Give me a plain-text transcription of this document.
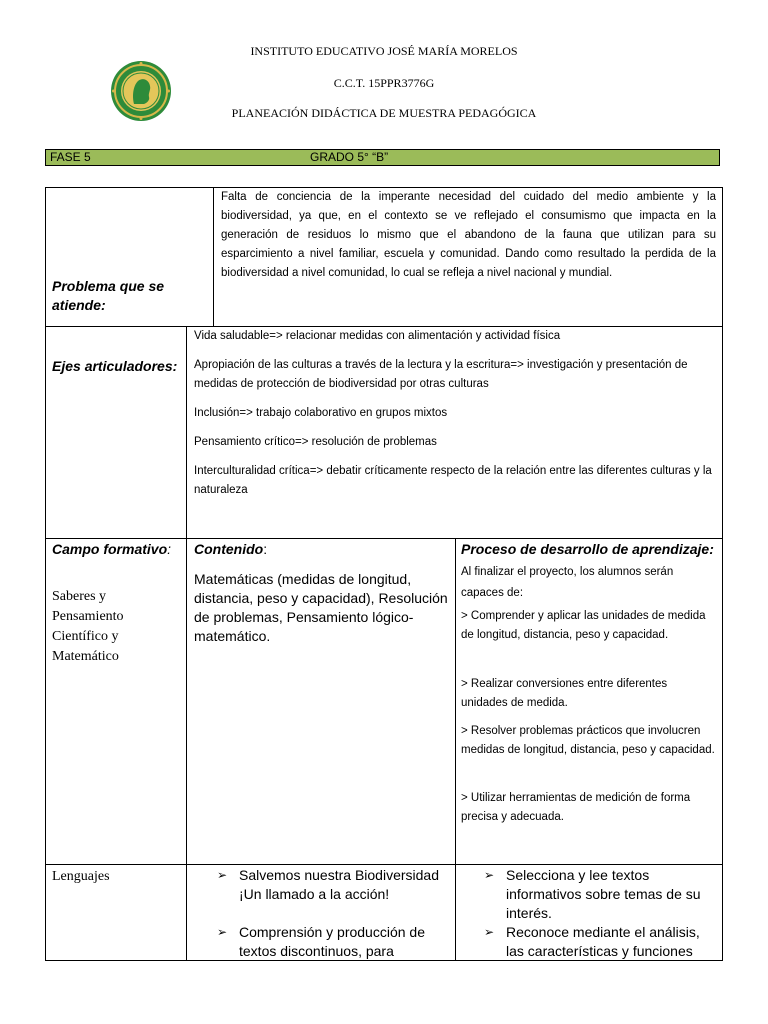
INSTITUTO EDUCATIVO JOSÉ MARÍA MORELOS
C.C.T. 15PPR3776G
PLANEACIÓN DIDÁCTICA DE MUESTRA PEDAGÓGICA
FASE 5	GRADO 5° “B”
Problema que se atiende:
Falta de conciencia de la imperante necesidad del cuidado del medio ambiente y la biodiversidad, ya que, en el contexto se ve reflejado el consumismo que impacta en la generación de residuos lo mismo que el abandono de la fauna que utilizan para su esparcimiento a nivel familiar, escuela y comunidad. Dando como resultado la perdida de la biodiversidad a nivel comunidad, lo cual se refleja a nivel nacional y mundial.
Ejes articuladores:
Vida saludable=> relacionar medidas con alimentación y actividad física
Apropiación de las culturas a través de la lectura y la escritura=> investigación y presentación de medidas de protección de biodiversidad por otras culturas
Inclusión=> trabajo colaborativo en grupos mixtos
Pensamiento crítico=> resolución de problemas
Interculturalidad crítica=> debatir críticamente respecto de la relación entre las diferentes culturas y la naturaleza
Campo formativo:
Saberes y Pensamiento Científico y Matemático
Contenido:
Matemáticas (medidas de longitud, distancia, peso y capacidad), Resolución de problemas, Pensamiento lógico-matemático.
Proceso de desarrollo de aprendizaje: Al finalizar el proyecto, los alumnos serán capaces de:
> Comprender y aplicar las unidades de medida de longitud, distancia, peso y capacidad.
> Realizar conversiones entre diferentes unidades de medida.
> Resolver problemas prácticos que involucren medidas de longitud, distancia, peso y capacidad.
> Utilizar herramientas de medición de forma precisa y adecuada.
Lenguajes	➢ Salvemos nuestra Biodiversidad ¡Un llamado a la acción!
➢ Comprensión y producción de textos discontinuos, para
➢ Selecciona y lee textos informativos sobre temas de su interés.
➢ Reconoce mediante el análisis, las características y funciones
